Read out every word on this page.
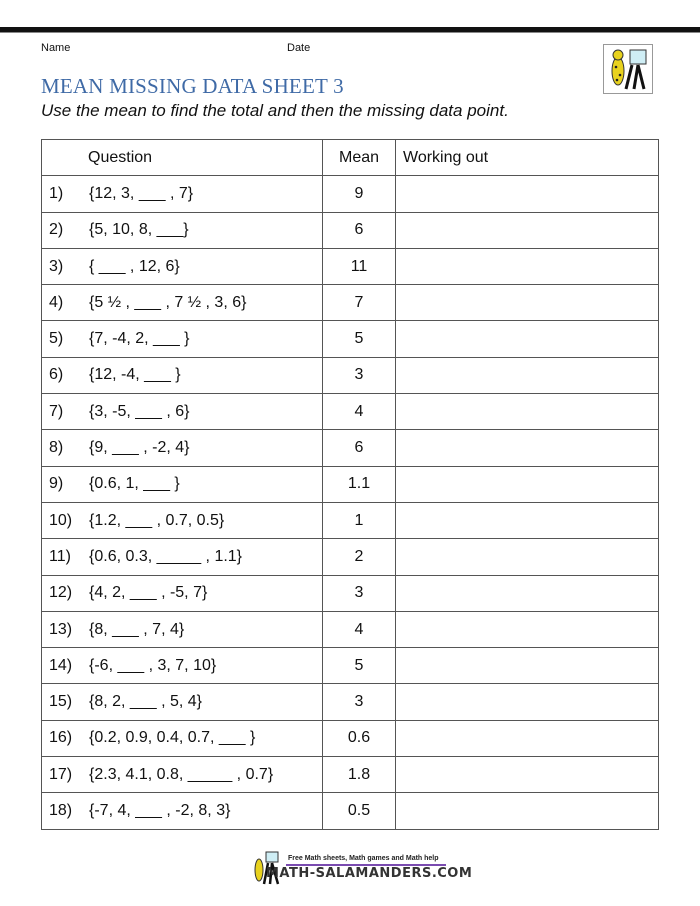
Name	Date
MEAN MISSING DATA SHEET 3
Use the mean to find the total and then the missing data point.
Question	Mean	Working out
1) {12, 3, ___ , 7}	9	
2) {5, 10, 8, ___}	6	
3) { ___ , 12, 6}	11	
4) {5 ½ , ___ , 7 ½ , 3, 6}	7	
5) {7, -4, 2, ___ }	5	
6) {12, -4, ___ }	3	
7) {3, -5, ___ , 6}	4	
8) {9, ___ , -2, 4}	6	
9) {0.6, 1, ___ }	1.1	
10) {1.2, ___ , 0.7, 0.5}	1	
11) {0.6, 0.3, _____ , 1.1}	2	
12) {4, 2, ___ , -5, 7}	3	
13) {8, ___ , 7, 4}	4	
14) {-6, ___ , 3, 7, 10}	5	
15) {8, 2, ___ , 5, 4}	3	
16) {0.2, 0.9, 0.4, 0.7, ___ }	0.6	
17) {2.3, 4.1, 0.8, _____ , 0.7}	1.8	
18) {-7, 4, ___ , -2, 8, 3}	0.5	
Free Math sheets, Math games and Math help
MATH-SALAMANDERS.COM
